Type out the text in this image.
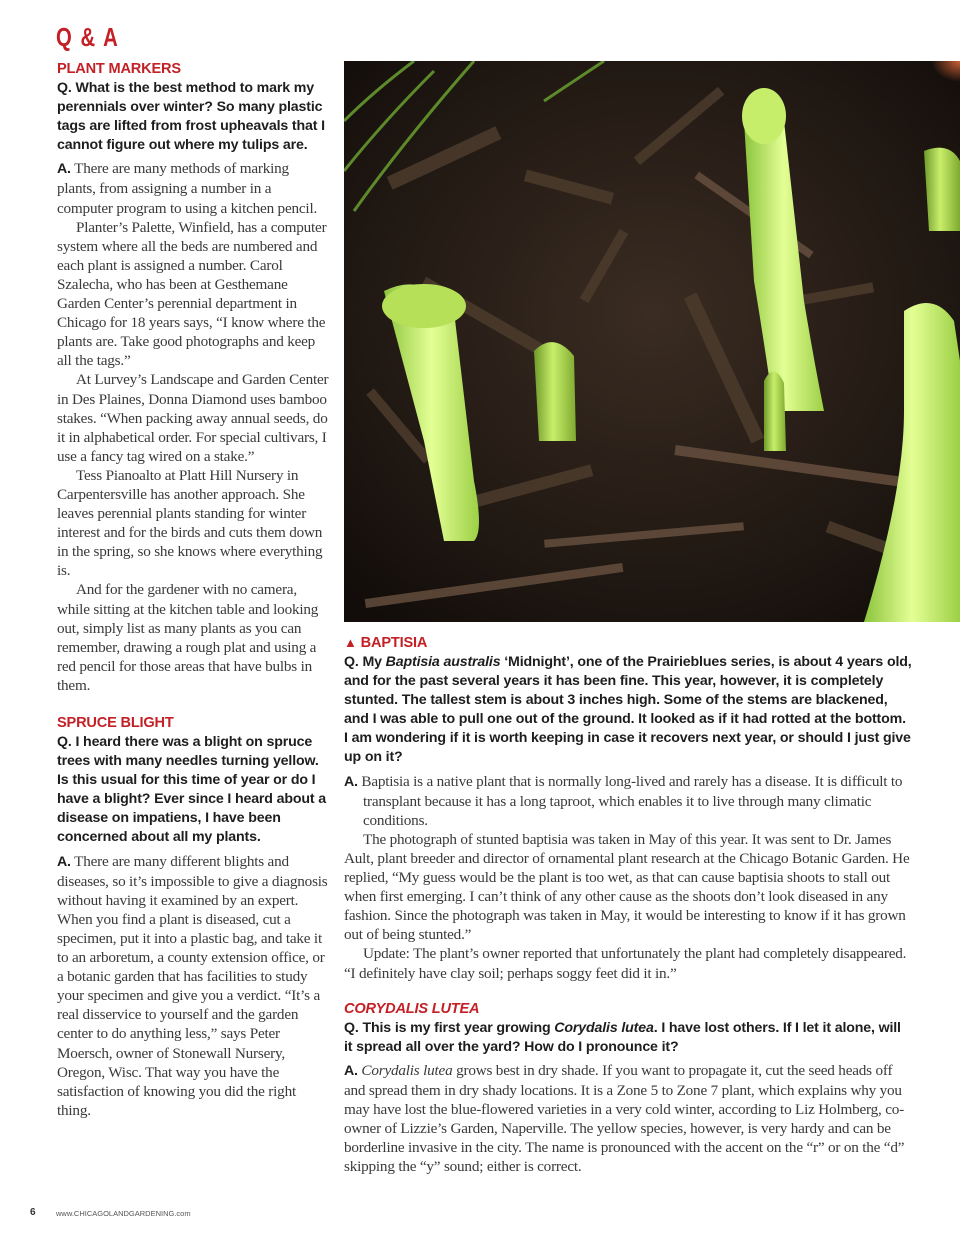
Q & A
PLANT MARKERS

Q. What is the best method to mark my perennials over winter? So many plastic tags are lifted from frost upheavals that I cannot figure out where my tulips are.

A. There are many methods of marking plants, from assigning a number in a computer program to using a kitchen pencil.

Planter’s Palette, Winfield, has a computer system where all the beds are numbered and each plant is assigned a number. Carol Szalecha, who has been at Gesthemane Garden Center’s perennial department in Chicago for 18 years says, “I know where the plants are. Take good photographs and keep all the tags.”

At Lurvey’s Landscape and Garden Center in Des Plaines, Donna Diamond uses bamboo stakes. “When packing away annual seeds, do it in alphabetical order. For special cultivars, I use a fancy tag wired on a stake.”

Tess Pianoalto at Platt Hill Nursery in Carpentersville has another approach. She leaves perennial plants standing for winter interest and for the birds and cuts them down in the spring, so she knows where everything is.

And for the gardener with no camera, while sitting at the kitchen table and looking out, simply list as many plants as you can remember, drawing a rough plat and using a red pencil for those areas that have bulbs in them.

SPRUCE BLIGHT

Q. I heard there was a blight on spruce trees with many needles turning yellow. Is this usual for this time of year or do I have a blight? Ever since I heard about a disease on impatiens, I have been concerned about all my plants.

A. There are many different blights and diseases, so it’s impossible to give a diagnosis without having it examined by an expert. When you find a plant is diseased, cut a specimen, put it into a plastic bag, and take it to an arboretum, a county extension office, or a botanic garden that has facilities to study your specimen and give you a verdict. “It’s a real disservice to yourself and the garden center to do anything less,” says Peter Moersch, owner of Stonewall Nursery, Oregon, Wisc. That way you have the satisfaction of knowing you did the right thing.

▲ BAPTISIA

Q. My Baptisia australis ‘Midnight’, one of the Prairieblues series, is about 4 years old, and for the past several years it has been fine. This year, however, it is completely stunted. The tallest stem is about 3 inches high. Some of the stems are blackened, and I was able to pull one out of the ground. It looked as if it had rotted at the bottom. I am wondering if it is worth keeping in case it recovers next year, or should I just give up on it?

A. Baptisia is a native plant that is normally long-lived and rarely has a disease. It is difficult to transplant because it has a long taproot, which enables it to live through many climatic conditions.

The photograph of stunted baptisia was taken in May of this year. It was sent to Dr. James Ault, plant breeder and director of ornamental plant research at the Chicago Botanic Garden. He replied, “My guess would be the plant is too wet, as that can cause baptisia shoots to stall out when first emerging. I can’t think of any other cause as the shoots don’t look diseased in any fashion. Since the photograph was taken in May, it would be interesting to know if it has grown out of being stunted.”

Update: The plant’s owner reported that unfortunately the plant had completely disappeared. “I definitely have clay soil; perhaps soggy feet did it in.”

CORYDALIS LUTEA

Q. This is my first year growing Corydalis lutea. I have lost others. If I let it alone, will it spread all over the yard? How do I pronounce it?

A. Corydalis lutea grows best in dry shade. If you want to propagate it, cut the seed heads off and spread them in dry shady locations. It is a Zone 5 to Zone 7 plant, which explains why you may have lost the blue-flowered varieties in a very cold winter, according to Liz Holmberg, co-owner of Lizzie’s Garden, Naperville. The yellow species, however, is very hardy and can be borderline invasive in the city. The name is pronounced with the accent on the “r” or on the “d” skipping the “y” sound; either is correct.

6	www.CHICAGOLANDGARDENING.com
